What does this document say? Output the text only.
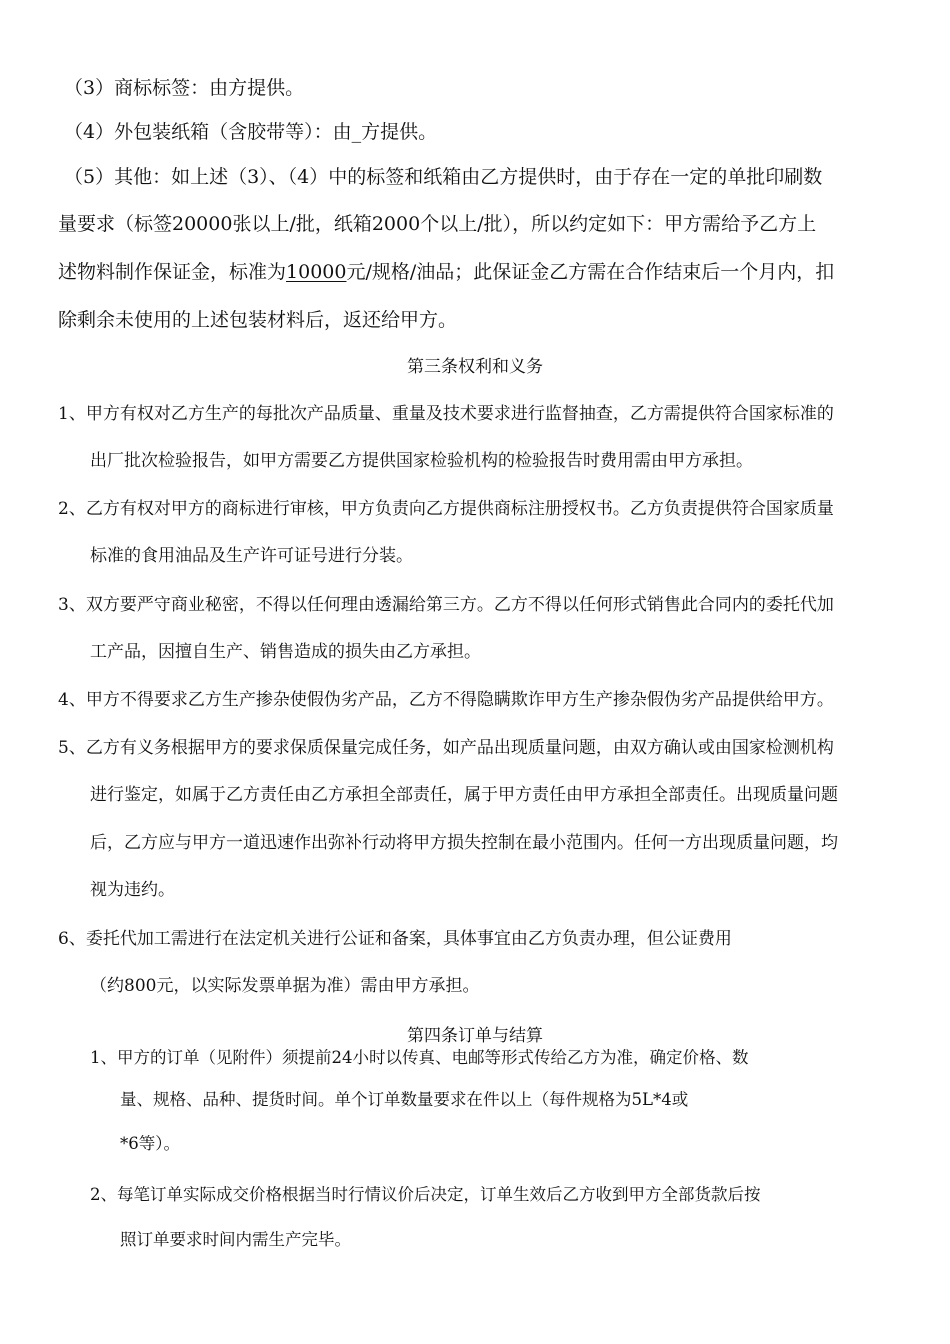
（3）商标标签：由方提供。
（4）外包装纸箱（含胶带等）：由_方提供。
（5）其他：如上述（3）、（4）中的标签和纸箱由乙方提供时，由于存在一定的单批印刷数
量要求（标签20000张以上/批，纸箱2000个以上/批），所以约定如下：甲方需给予乙方上
述物料制作保证金，标准为10000元/规格/油品；此保证金乙方需在合作结束后一个月内，扣
除剩余未使用的上述包装材料后，返还给甲方。
第三条权利和义务
1、甲方有权对乙方生产的每批次产品质量、重量及技术要求进行监督抽查，乙方需提供符合国家标准的
出厂批次检验报告，如甲方需要乙方提供国家检验机构的检验报告时费用需由甲方承担。
2、乙方有权对甲方的商标进行审核，甲方负责向乙方提供商标注册授权书。乙方负责提供符合国家质量
标准的食用油品及生产许可证号进行分装。
3、双方要严守商业秘密，不得以任何理由透漏给第三方。乙方不得以任何形式销售此合同内的委托代加
工产品，因擅自生产、销售造成的损失由乙方承担。
4、甲方不得要求乙方生产掺杂使假伪劣产品，乙方不得隐瞒欺诈甲方生产掺杂假伪劣产品提供给甲方。
5、乙方有义务根据甲方的要求保质保量完成任务，如产品出现质量问题，由双方确认或由国家检测机构
进行鉴定，如属于乙方责任由乙方承担全部责任，属于甲方责任由甲方承担全部责任。出现质量问题
后，乙方应与甲方一道迅速作出弥补行动将甲方损失控制在最小范围内。任何一方出现质量问题，均
视为违约。
6、委托代加工需进行在法定机关进行公证和备案，具体事宜由乙方负责办理，但公证费用
（约800元，以实际发票单据为准）需由甲方承担。
第四条订单与结算
1、甲方的订单（见附件）须提前24小时以传真、电邮等形式传给乙方为准，确定价格、数
量、规格、品种、提货时间。单个订单数量要求在件以上（每件规格为5L*4或
*6等）。
2、每笔订单实际成交价格根据当时行情议价后决定，订单生效后乙方收到甲方全部货款后按
照订单要求时间内需生产完毕。
